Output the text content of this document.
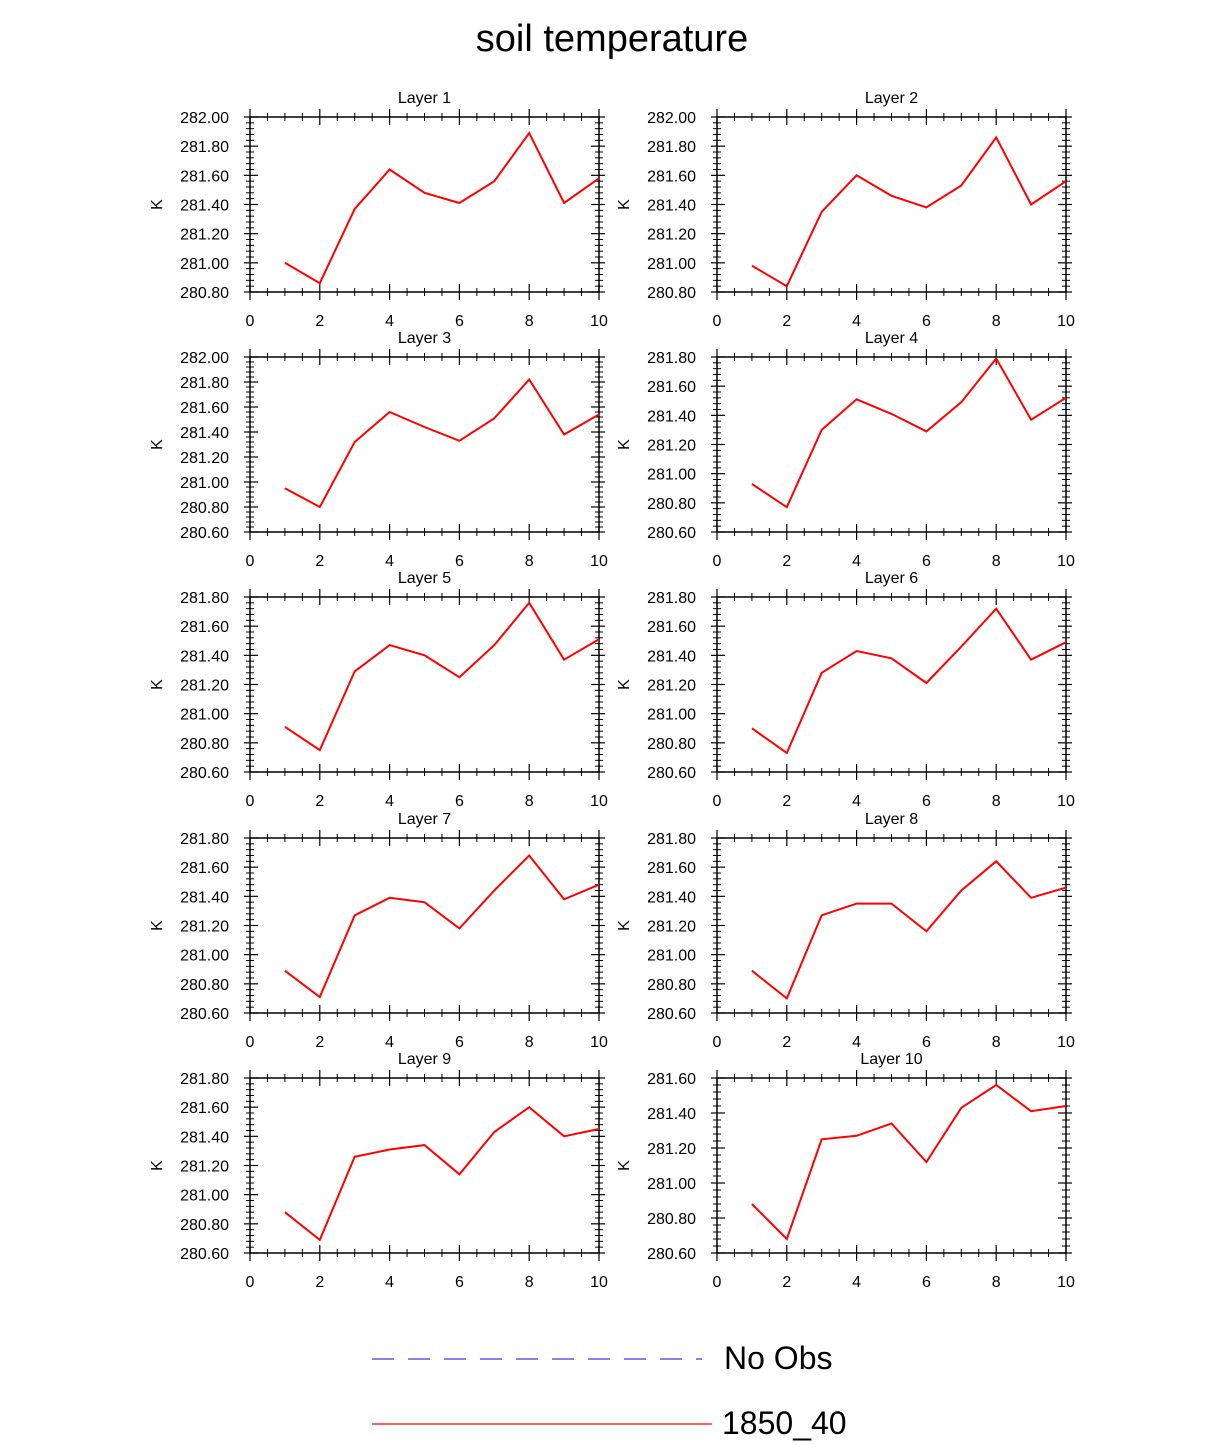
soil temperature
Layer 1
K
0	2	4	6	8	10
280.80
281.00
281.20
281.40
281.60
281.80
282.00
Layer 2
K
0	2	4	6	8	10
280.80
281.00
281.20
281.40
281.60
281.80
282.00
Layer 3
K
0	2	4	6	8	10
280.60
280.80
281.00
281.20
281.40
281.60
281.80
282.00
Layer 4
K
0	2	4	6	8	10
280.60
280.80
281.00
281.20
281.40
281.60
281.80
Layer 5
K
0	2	4	6	8	10
280.60
280.80
281.00
281.20
281.40
281.60
281.80
Layer 6
K
0	2	4	6	8	10
280.60
280.80
281.00
281.20
281.40
281.60
281.80
Layer 7
K
0	2	4	6	8	10
280.60
280.80
281.00
281.20
281.40
281.60
281.80
Layer 8
K
0	2	4	6	8	10
280.60
280.80
281.00
281.20
281.40
281.60
281.80
Layer 9
K
0	2	4	6	8	10
280.60
280.80
281.00
281.20
281.40
281.60
281.80
Layer 10
K
0	2	4	6	8	10
280.60
280.80
281.00
281.20
281.40
281.60
No Obs
1850_40
